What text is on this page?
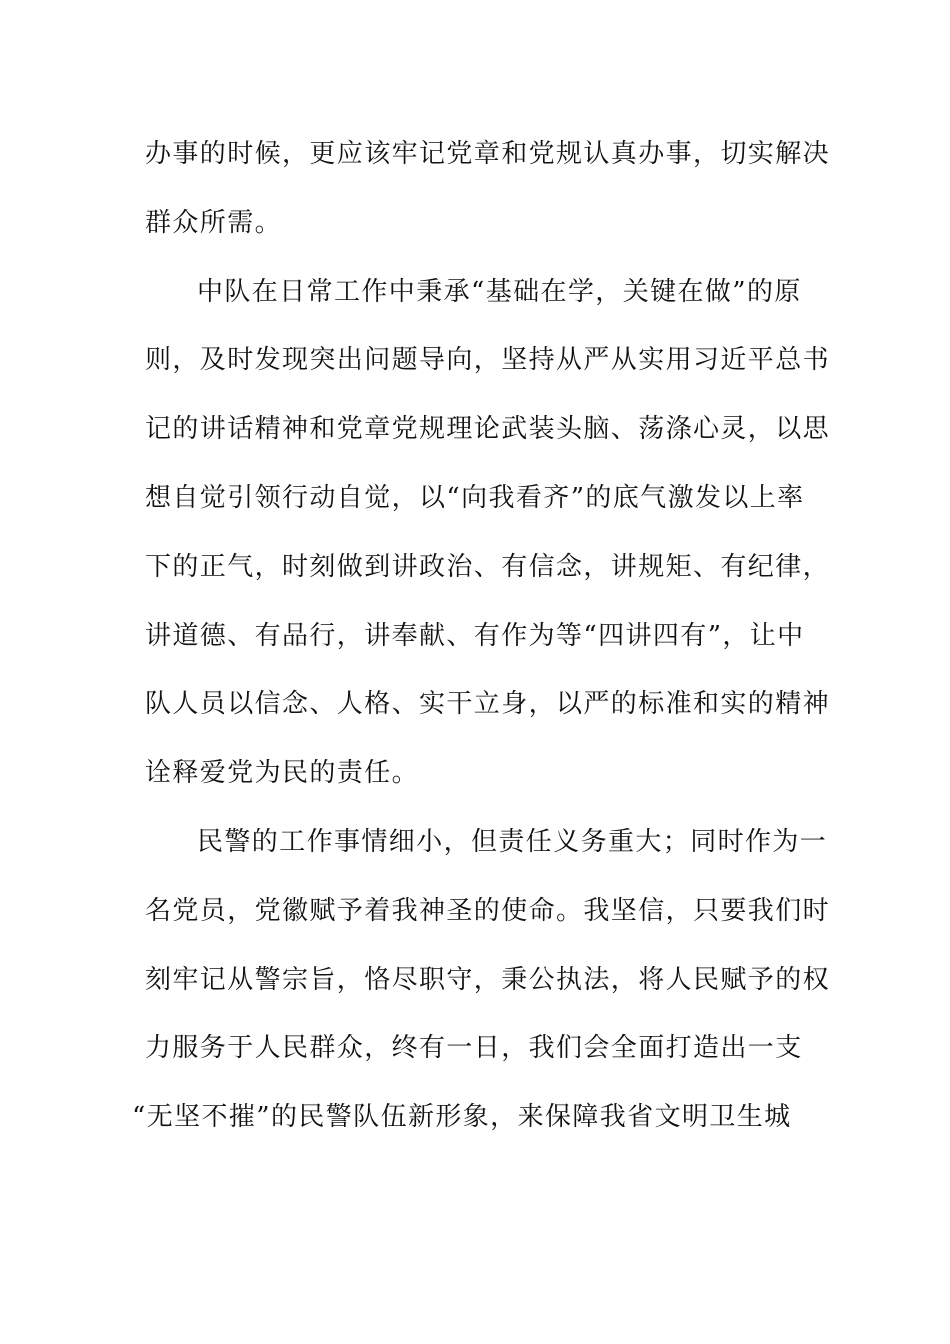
办事的时候，更应该牢记党章和党规认真办事，切实解决

群众所需。

中队在日常工作中秉承“基础在学，关键在做”的原

则，及时发现突出问题导向，坚持从严从实用习近平总书

记的讲话精神和党章党规理论武装头脑、荡涤心灵，以思

想自觉引领行动自觉，以“向我看齐”的底气激发以上率

下的正气，时刻做到讲政治、有信念，讲规矩、有纪律，

讲道德、有品行，讲奉献、有作为等“四讲四有”，让中

队人员以信念、人格、实干立身，以严的标准和实的精神

诠释爱党为民的责任。

民警的工作事情细小，但责任义务重大；同时作为一

名党员，党徽赋予着我神圣的使命。我坚信，只要我们时

刻牢记从警宗旨，恪尽职守，秉公执法，将人民赋予的权

力服务于人民群众，终有一日，我们会全面打造出一支

“无坚不摧”的民警队伍新形象，来保障我省文明卫生城
